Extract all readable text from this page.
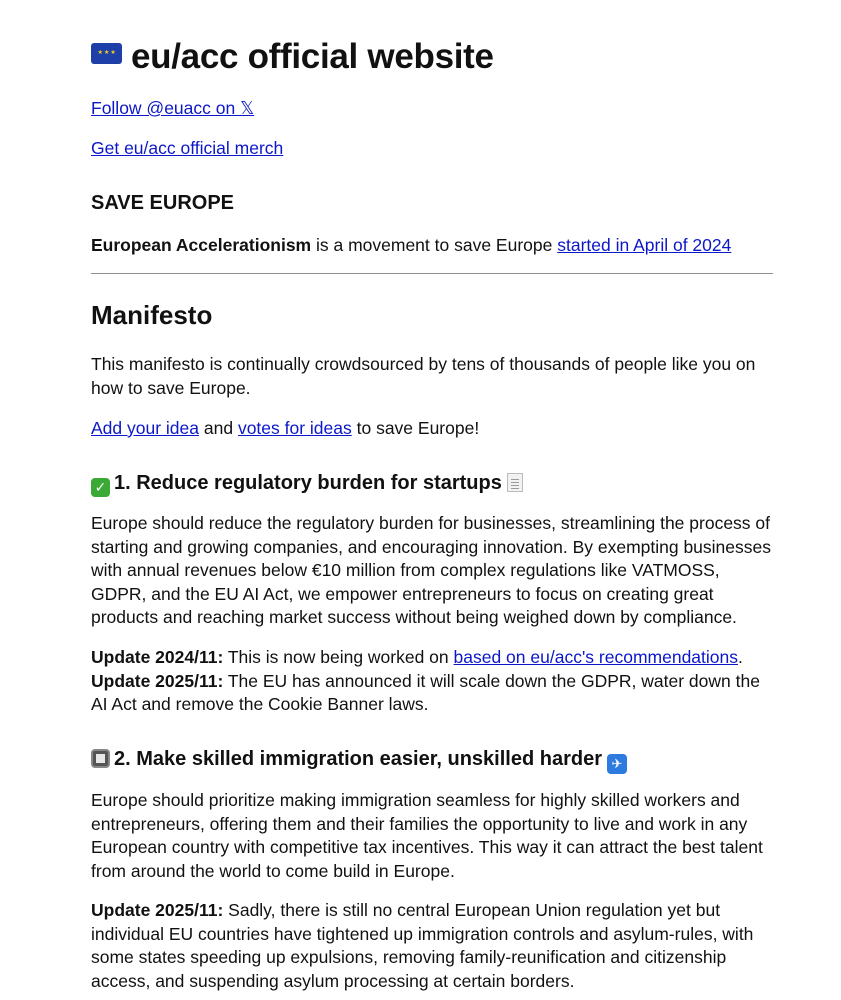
★ ★ ★ eu/acc official website

Follow @euacc on 𝕏

Get eu/acc official merch

SAVE EUROPE

European Accelerationism is a movement to save Europe started in April of 2024

Manifesto

This manifesto is continually crowdsourced by tens of thousands of people like you on how to save Europe.

Add your idea and votes for ideas to save Europe!

✓ 1. Reduce regulatory burden for startups

Europe should reduce the regulatory burden for businesses, streamlining the process of starting and growing companies, and encouraging innovation. By exempting businesses with annual revenues below €10 million from complex regulations like VATMOSS, GDPR, and the EU AI Act, we empower entrepreneurs to focus on creating great products and reaching market success without being weighed down by compliance.

Update 2024/11: This is now being worked on based on eu/acc's recommendations.
Update 2025/11: The EU has announced it will scale down the GDPR, water down the AI Act and remove the Cookie Banner laws.

2. Make skilled immigration easier, unskilled harder ✈

Europe should prioritize making immigration seamless for highly skilled workers and entrepreneurs, offering them and their families the opportunity to live and work in any European country with competitive tax incentives. This way it can attract the best talent from around the world to come build in Europe.

Update 2025/11: Sadly, there is still no central European Union regulation yet but individual EU countries have tightened up immigration controls and asylum-rules, with some states speeding up expulsions, removing family-reunification and citizenship access, and suspending asylum processing at certain borders.
